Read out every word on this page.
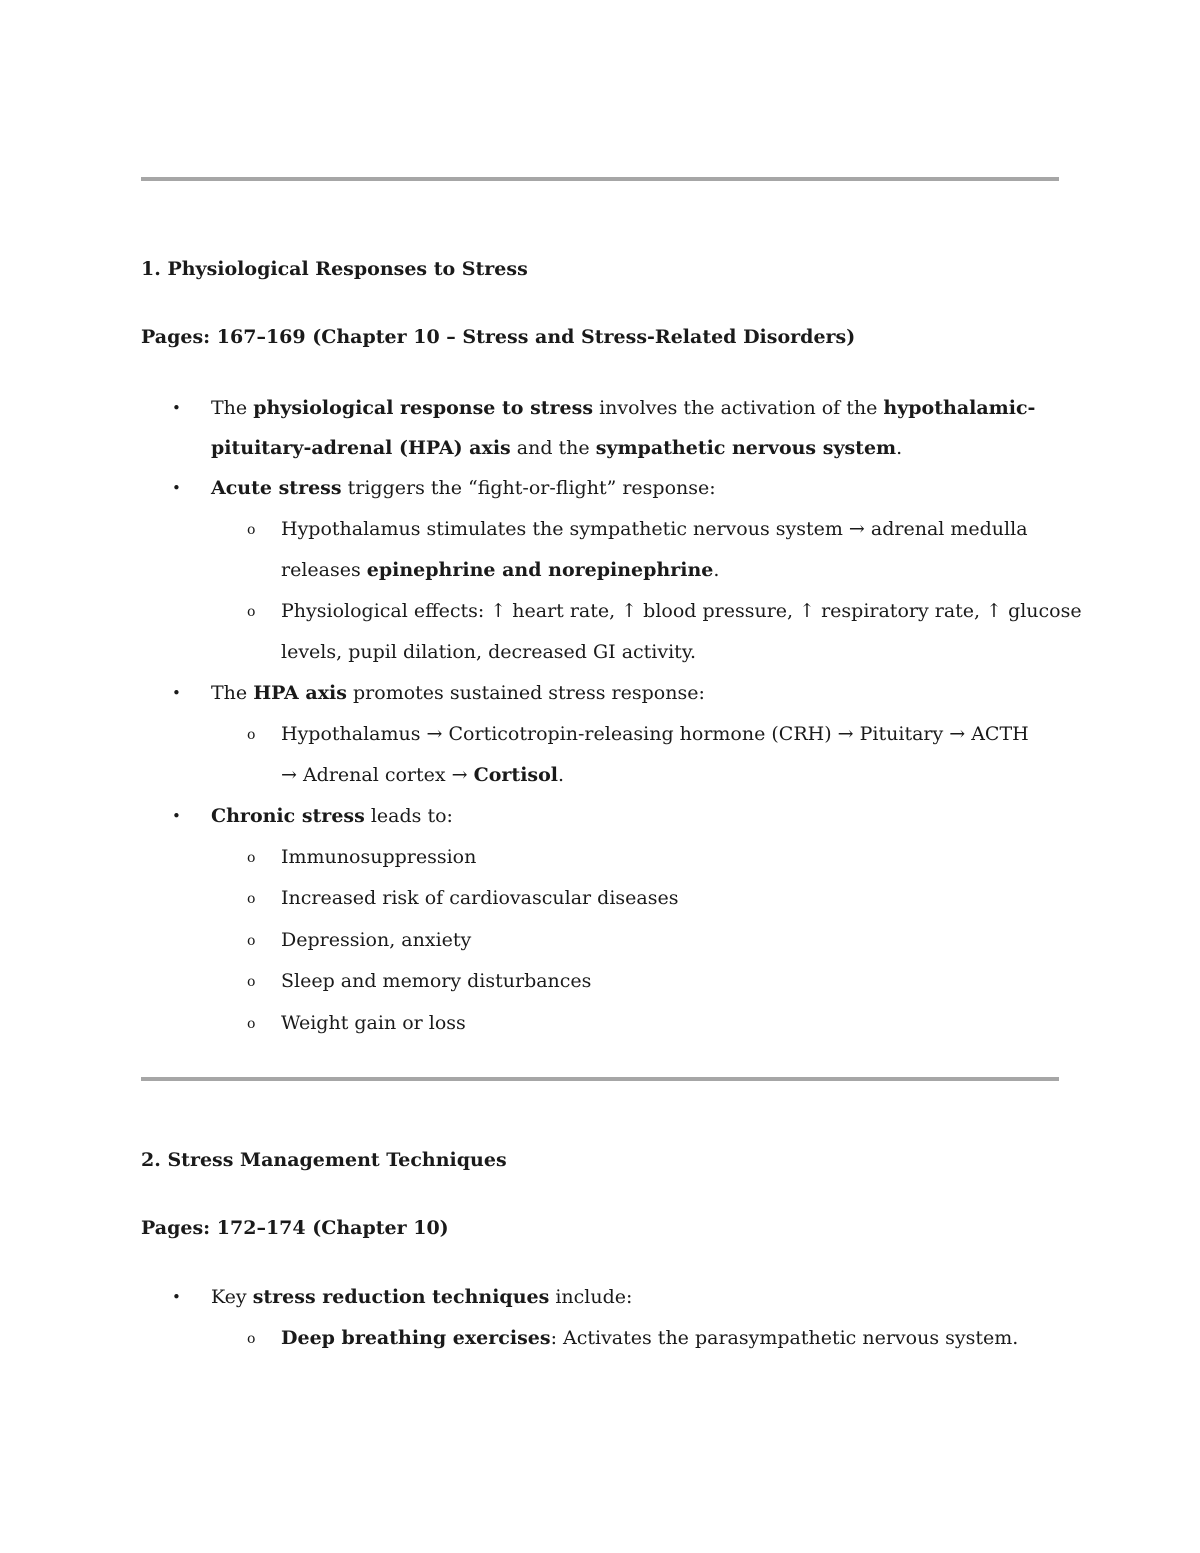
1. Physiological Responses to Stress
Pages: 167–169 (Chapter 10 – Stress and Stress-Related Disorders)
• The physiological response to stress involves the activation of the hypothalamic-
pituitary-adrenal (HPA) axis and the sympathetic nervous system.
• Acute stress triggers the “fight-or-flight” response:
o Hypothalamus stimulates the sympathetic nervous system → adrenal medulla
releases epinephrine and norepinephrine.
o Physiological effects: ↑ heart rate, ↑ blood pressure, ↑ respiratory rate, ↑ glucose
levels, pupil dilation, decreased GI activity.
• The HPA axis promotes sustained stress response:
o Hypothalamus → Corticotropin-releasing hormone (CRH) → Pituitary → ACTH
→ Adrenal cortex → Cortisol.
• Chronic stress leads to:
o Immunosuppression
o Increased risk of cardiovascular diseases
o Depression, anxiety
o Sleep and memory disturbances
o Weight gain or loss
2. Stress Management Techniques
Pages: 172–174 (Chapter 10)
• Key stress reduction techniques include:
o Deep breathing exercises: Activates the parasympathetic nervous system.
